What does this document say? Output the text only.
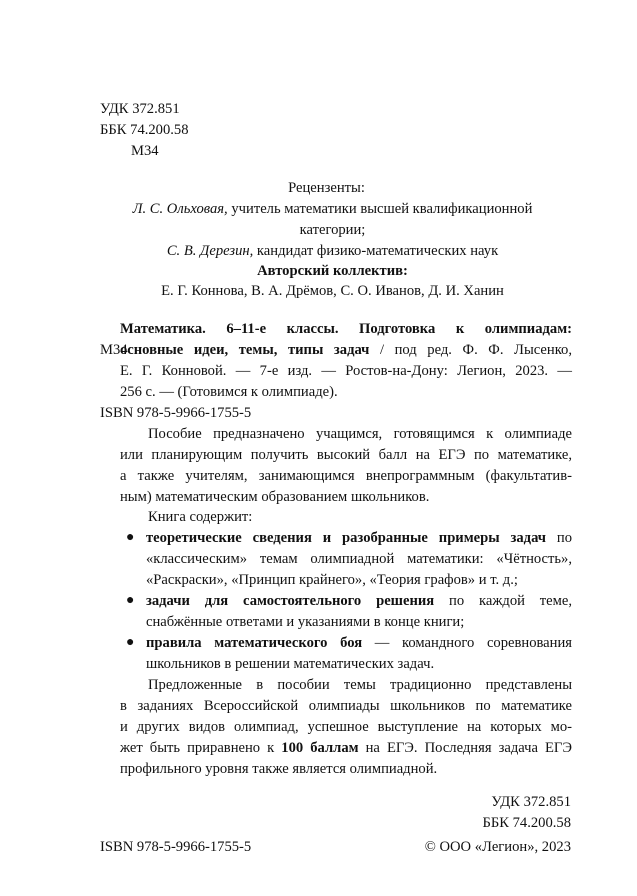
УДК 372.851
ББК 74.200.58
М34
Рецензенты:
Л. С. Ольховая, учитель математики высшей квалификационной
категории;
С. В. Дерезин, кандидат физико-математических наук
Авторский коллектив:
Е. Г. Коннова, В. А. Дрёмов, С. О. Иванов, Д. И. Ханин
Математика. 6–11-е классы. Подготовка к олимпиадам:
М34
основные идеи, темы, типы задач / под ред. Ф. Ф. Лысенко,
Е. Г. Конновой. — 7-е изд. — Ростов-на-Дону: Легион, 2023. —
256 с. — (Готовимся к олимпиаде).
ISBN 978-5-9966-1755-5
Пособие предназначено учащимся, готовящимся к олимпиаде
или планирующим получить высокий балл на ЕГЭ по математике,
а также учителям, занимающимся внепрограммным (факультатив-
ным) математическим образованием школьников.
Книга содержит:
● теоретические сведения и разобранные примеры задач по
«классическим» темам олимпиадной математики: «Чётность»,
«Раскраски», «Принцип крайнего», «Теория графов» и т. д.;
● задачи для самостоятельного решения по каждой теме,
снабжённые ответами и указаниями в конце книги;
● правила математического боя — командного соревнования
школьников в решении математических задач.
Предложенные в пособии темы традиционно представлены
в заданиях Всероссийской олимпиады школьников по математике
и других видов олимпиад, успешное выступление на которых мо-
жет быть приравнено к 100 баллам на ЕГЭ. Последняя задача ЕГЭ
профильного уровня также является олимпиадной.
УДК 372.851
ББК 74.200.58
ISBN 978-5-9966-1755-5	© ООО «Легион», 2023
